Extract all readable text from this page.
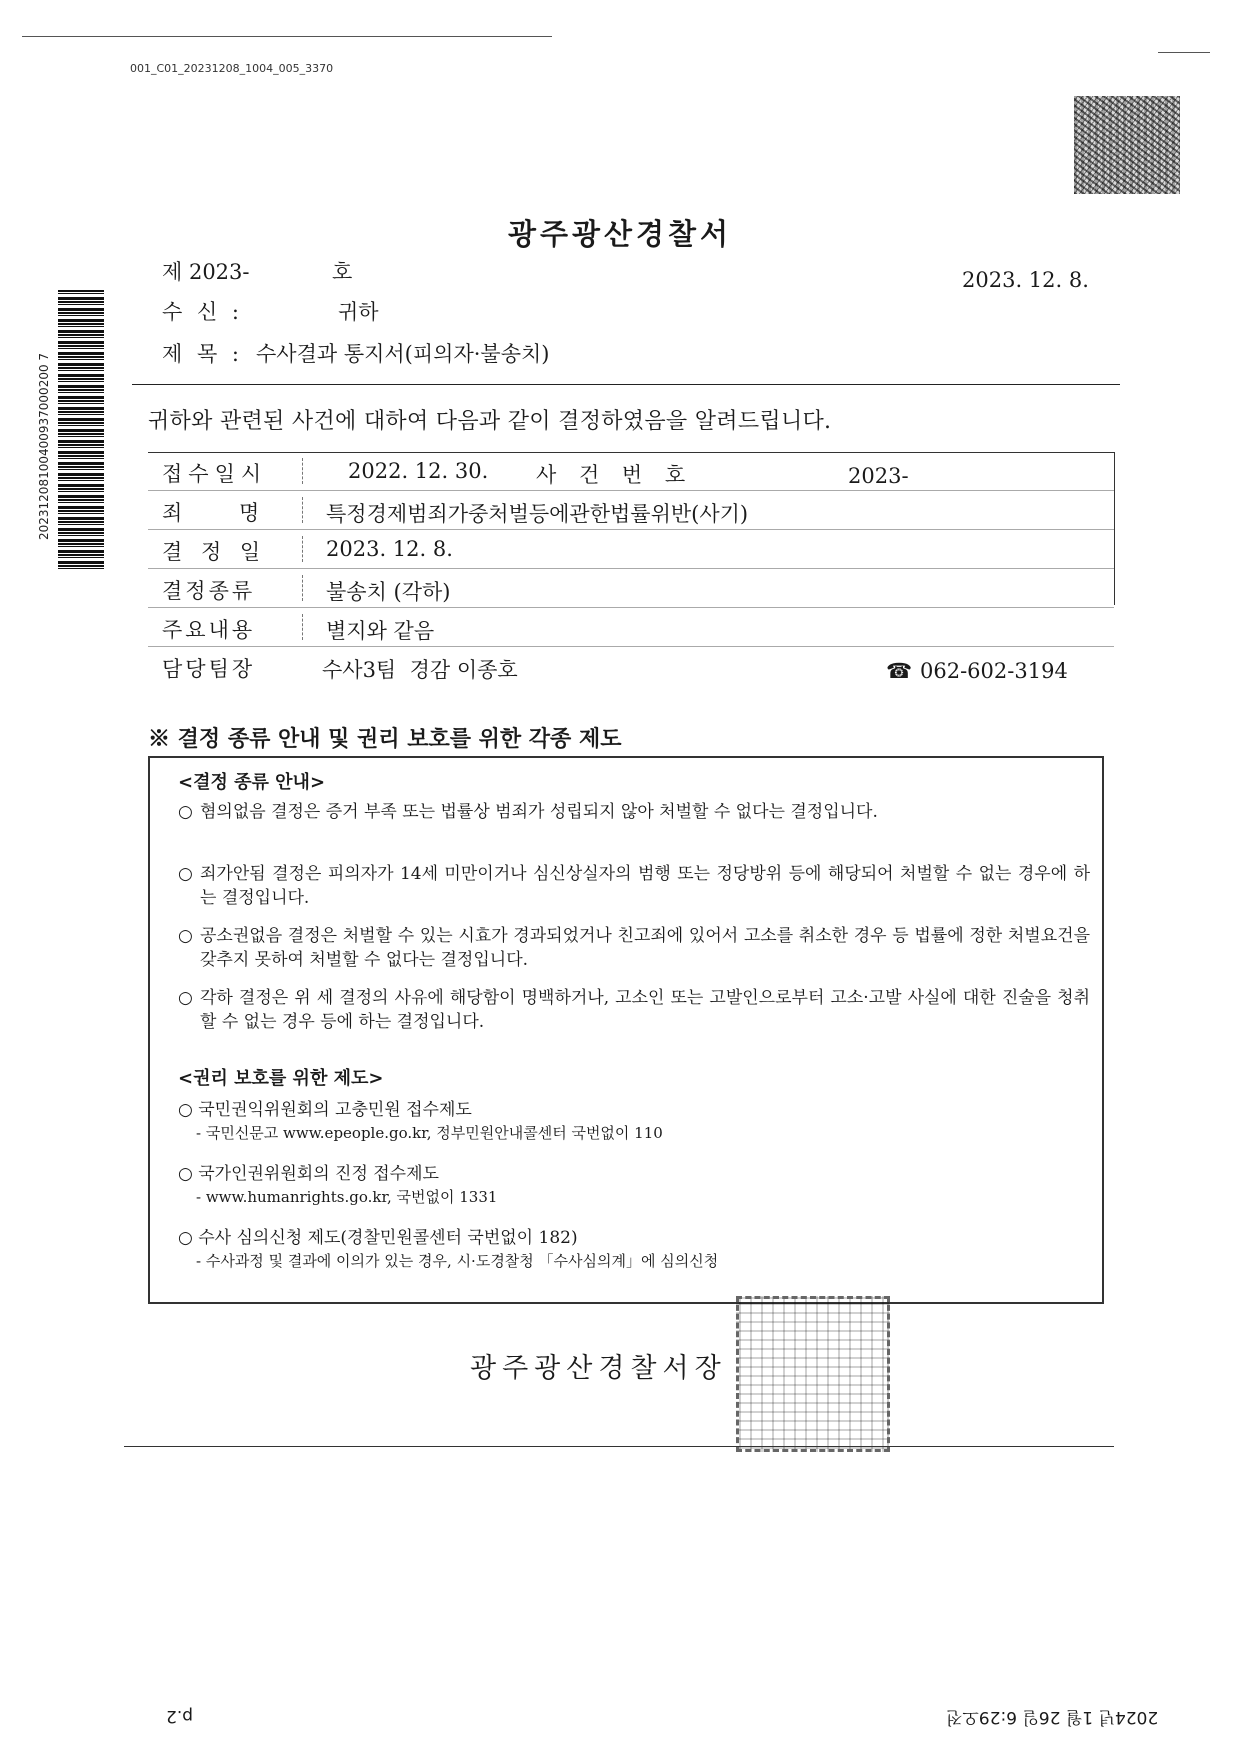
001_C01_20231208_1004_005_3370
20231208100400937000200 7
광주광산경찰서
제 2023-	호	2023. 12. 8.
수 신 :	귀하
제 목 : 수사결과 통지서(피의자·불송치)
귀하와 관련된 사건에 대하여 다음과 같이 결정하였음을 알려드립니다.
접수일시	2022. 12. 30. 사 건 번 호	2023-
죄    명	특정경제범죄가중처벌등에관한법률위반(사기)
결 정 일	2023. 12. 8.
결정종류	불송치 (각하)
주요내용	별지와 같음
담당팀장	수사3팀  경감 이종호	☎ 062-602-3194
※ 결정 종류 안내 및 권리 보호를 위한 각종 제도
<결정 종류 안내>
○ 혐의없음 결정은 증거 부족 또는 법률상 범죄가 성립되지 않아 처벌할 수 없다는 결정입니다.
○ 죄가안됨 결정은 피의자가 14세 미만이거나 심신상실자의 범행 또는 정당방위 등에 해당되어 처벌할 수 없는 경우에 하는 결정입니다.
○ 공소권없음 결정은 처벌할 수 있는 시효가 경과되었거나 친고죄에 있어서 고소를 취소한 경우 등 법률에 정한 처벌요건을 갖추지 못하여 처벌할 수 없다는 결정입니다.
○ 각하 결정은 위 세 결정의 사유에 해당함이 명백하거나, 고소인 또는 고발인으로부터 고소·고발 사실에 대한 진술을 청취할 수 없는 경우 등에 하는 결정입니다.
<권리 보호를 위한 제도>
○ 국민권익위원회의 고충민원 접수제도
- 국민신문고 www.epeople.go.kr, 정부민원안내콜센터 국번없이 110
○ 국가인권위원회의 진정 접수제도
- www.humanrights.go.kr, 국번없이 1331
○ 수사 심의신청 제도(경찰민원콜센터 국번없이 182)
- 수사과정 및 결과에 이의가 있는 경우, 시·도경찰청 「수사심의계」에 심의신청
광주광산경찰서장
p.2	2024년 1월 26일 6:29오전
